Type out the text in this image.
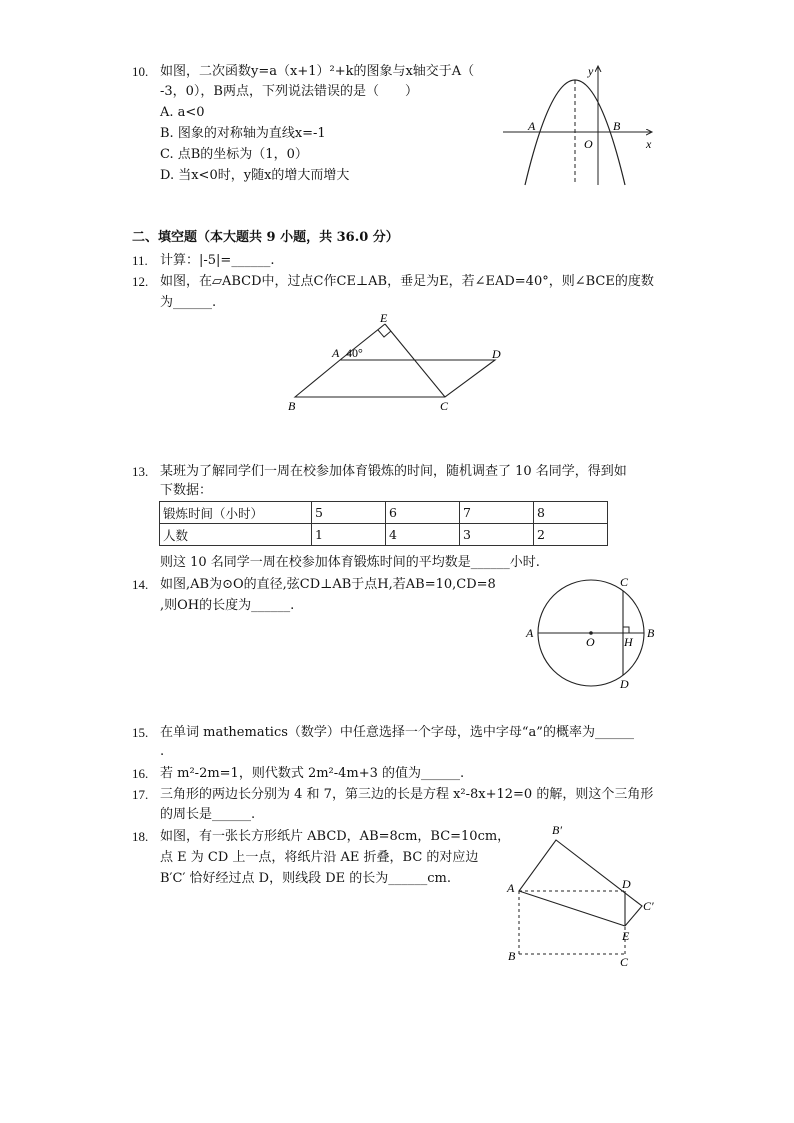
10. 如图，二次函数y=a（x+1）²+k的图象与x轴交于A（
-3，0），B两点，下列说法错误的是（　　）
A. a<0
B. 图象的对称轴为直线x=-1
C. 点B的坐标为（1，0）
D. 当x<0时，y随x的增大而增大
y
x
A	B
O
二、填空题（本大题共 9 小题，共 36.0 分）
11. 计算：|-5|=______.
12. 如图，在▱ABCD中，过点C作CE⊥AB，垂足为E，若∠EAD=40°，则∠BCE的度数
为______.
E
A 40°	D
B	C
13. 某班为了解同学们一周在校参加体育锻炼的时间，随机调查了 10 名同学，得到如
下数据：
锻炼时间（小时）	5	6	7	8
人数	1	4	3	2
则这 10 名同学一周在校参加体育锻炼时间的平均数是______小时.
14. 如图,AB为⊙O的直径,弦CD⊥AB于点H,若AB=10,CD=8
,则OH的长度为______.
A	B
C
D
O H
15. 在单词 mathematics（数学）中任意选择一个字母，选中字母“a”的概率为______
.
16. 若 m²-2m=1，则代数式 2m²-4m+3 的值为______.
17. 三角形的两边长分别为 4 和 7，第三边的长是方程 x²-8x+12=0 的解，则这个三角形
的周长是______.
18. 如图，有一张长方形纸片 ABCD，AB=8cm，BC=10cm，
点 E 为 CD 上一点，将纸片沿 AE 折叠，BC 的对应边
B′C′ 恰好经过点 D，则线段 DE 的长为______cm.
B′
A	D
C′
E
B	C
